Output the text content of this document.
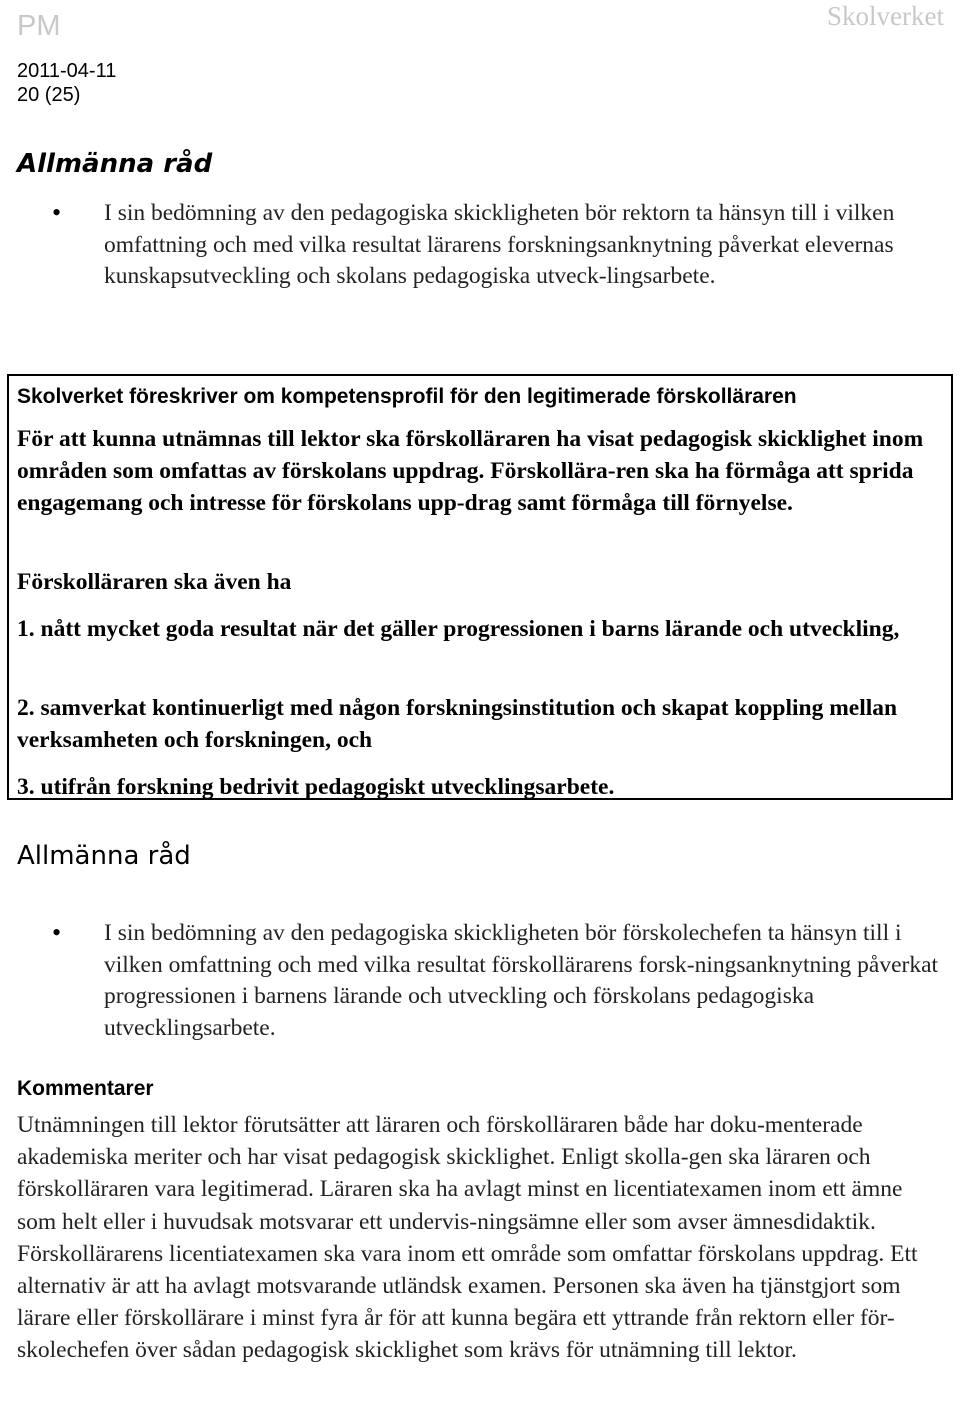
PM	Skolverket
2011-04-11
20 (25)
Allmänna råd
• I sin bedömning av den pedagogiska skickligheten bör rektorn ta hänsyn till i vilken omfattning och med vilka resultat lärarens forskningsanknytning påverkat elevernas kunskapsutveckling och skolans pedagogiska utveck-lingsarbete.
Skolverket föreskriver om kompetensprofil för den legitimerade förskolläraren
För att kunna utnämnas till lektor ska förskolläraren ha visat pedagogisk skicklighet inom områden som omfattas av förskolans uppdrag. Förskollära-ren ska ha förmåga att sprida engagemang och intresse för förskolans upp-drag samt förmåga till förnyelse.
Förskolläraren ska även ha
1. nått mycket goda resultat när det gäller progressionen i barns lärande och utveckling,
2. samverkat kontinuerligt med någon forskningsinstitution och skapat koppling mellan verksamheten och forskningen, och
3. utifrån forskning bedrivit pedagogiskt utvecklingsarbete.
Allmänna råd
• I sin bedömning av den pedagogiska skickligheten bör förskolechefen ta hänsyn till i vilken omfattning och med vilka resultat förskollärarens forsk-ningsanknytning påverkat progressionen i barnens lärande och utveckling och förskolans pedagogiska utvecklingsarbete.
Kommentarer
Utnämningen till lektor förutsätter att läraren och förskolläraren både har doku-menterade akademiska meriter och har visat pedagogisk skicklighet. Enligt skolla-gen ska läraren och förskolläraren vara legitimerad. Läraren ska ha avlagt minst en licentiatexamen inom ett ämne som helt eller i huvudsak motsvarar ett undervis-ningsämne eller som avser ämnesdidaktik. Förskollärarens licentiatexamen ska vara inom ett område som omfattar förskolans uppdrag. Ett alternativ är att ha avlagt motsvarande utländsk examen. Personen ska även ha tjänstgjort som lärare eller förskollärare i minst fyra år för att kunna begära ett yttrande från rektorn eller för-skolechefen över sådan pedagogisk skicklighet som krävs för utnämning till lektor.
